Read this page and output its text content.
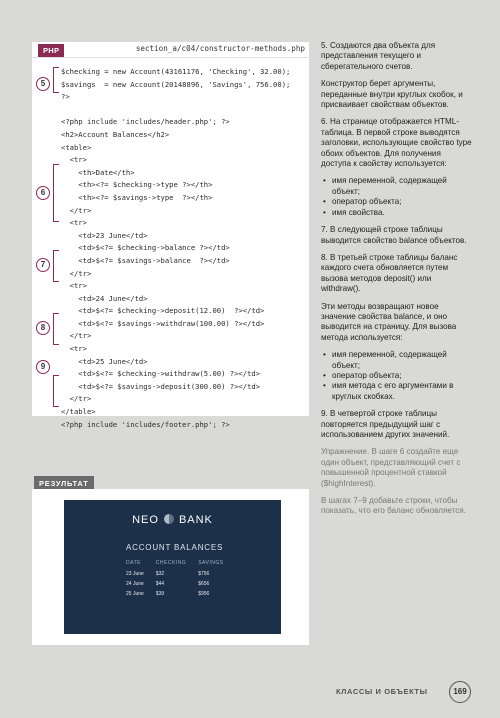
PHP	section_a/c04/constructor-methods.php
$checking = new Account(43161176, 'Checking', 32.00);
$savings  = new Account(20148896, 'Savings', 756.00);
?>

<?php include 'includes/header.php'; ?>
<h2>Account Balances</h2>
<table>
<tr>
<th>Date</th>
<th><?= $checking->type ?></th>
<th><?= $savings->type  ?></th>
</tr>
<tr>
<td>23 June</td>
<td>$<?= $checking->balance ?></td>
<td>$<?= $savings->balance  ?></td>
</tr>
<tr>
<td>24 June</td>
<td>$<?= $checking->deposit(12.00)  ?></td>
<td>$<?= $savings->withdraw(100.00) ?></td>
</tr>
<tr>
<td>25 June</td>
<td>$<?= $checking->withdraw(5.00) ?></td>
<td>$<?= $savings->deposit(300.00) ?></td>
</tr>
</table>
<?php include 'includes/footer.php'; ?>
5
6
7
8
9
РЕЗУЛЬТАТ
NEO BANK
ACCOUNT BALANCES
DATE	CHECKING	SAVINGS
23 June	$32	$756
24 June	$44	$656
25 June	$39	$956

5. Создаются два объекта для представления текущего и сберегательного счетов.

Конструктор берет аргументы, переданные внутри круглых скобок, и присваивает свойствам объектов.

6. На странице отображается HTML-таблица. В первой строке выводятся заголовки, использующие свойство type обоих объектов. Для получения доступа к свойству используется:

• имя переменной, содержащей объект;
• оператор объекта;
• имя свойства.

7. В следующей строке таблицы выводится свойство balance объектов.

8. В третьей строке таблицы баланс каждого счета обновляется путем вызова методов deposit() или withdraw().

Эти методы возвращают новое значение свойства balance, и оно выводится на страницу. Для вызова метода используется:

• имя переменной, содержащей объект;
• оператор объекта;
• имя метода с его аргументами в круглых скобках.

9. В четвертой строке таблицы повторяется предыдущий шаг с использованием других значений.

Упражнение. В шаге 6 создайте еще один объект, представляющий счет с повышенной процентной ставкой ($highInterest).

В шагах 7–9 добавьте строки, чтобы показать, что его баланс обновляется.

КЛАССЫ И ОБЪЕКТЫ	169
